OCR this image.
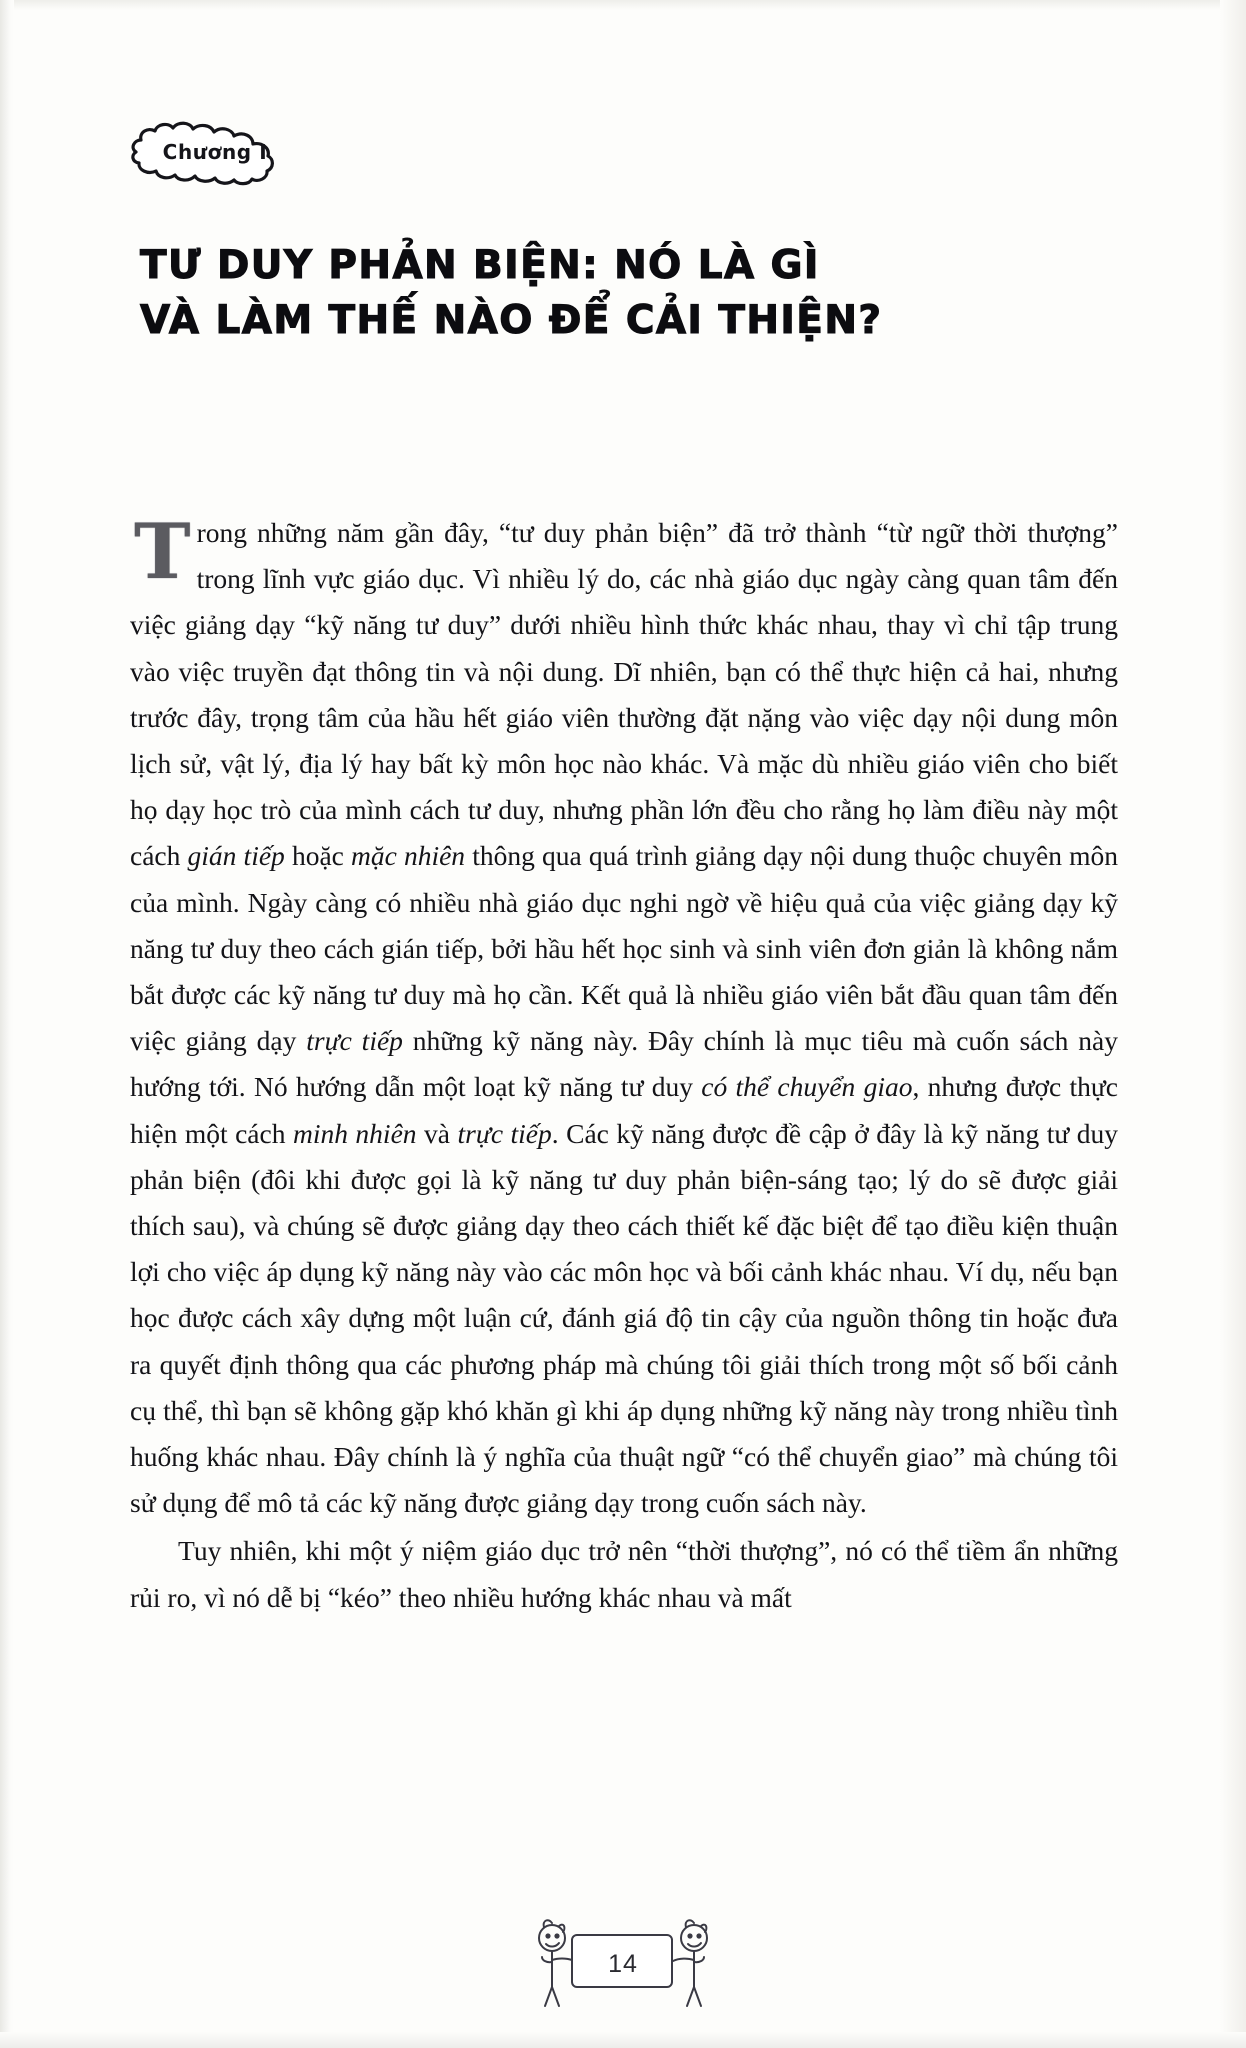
Chương I
TƯ DUY PHẢN BIỆN: NÓ LÀ GÌ
VÀ LÀM THẾ NÀO ĐỂ CẢI THIỆN?

Trong những năm gần đây, “tư duy phản biện” đã trở thành “từ ngữ thời thượng” trong lĩnh vực giáo dục. Vì nhiều lý do, các nhà giáo dục ngày càng quan tâm đến việc giảng dạy “kỹ năng tư duy” dưới nhiều hình thức khác nhau, thay vì chỉ tập trung vào việc truyền đạt thông tin và nội dung. Dĩ nhiên, bạn có thể thực hiện cả hai, nhưng trước đây, trọng tâm của hầu hết giáo viên thường đặt nặng vào việc dạy nội dung môn lịch sử, vật lý, địa lý hay bất kỳ môn học nào khác. Và mặc dù nhiều giáo viên cho biết họ dạy học trò của mình cách tư duy, nhưng phần lớn đều cho rằng họ làm điều này một cách gián tiếp hoặc mặc nhiên thông qua quá trình giảng dạy nội dung thuộc chuyên môn của mình. Ngày càng có nhiều nhà giáo dục nghi ngờ về hiệu quả của việc giảng dạy kỹ năng tư duy theo cách gián tiếp, bởi hầu hết học sinh và sinh viên đơn giản là không nắm bắt được các kỹ năng tư duy mà họ cần. Kết quả là nhiều giáo viên bắt đầu quan tâm đến việc giảng dạy trực tiếp những kỹ năng này. Đây chính là mục tiêu mà cuốn sách này hướng tới. Nó hướng dẫn một loạt kỹ năng tư duy có thể chuyển giao, nhưng được thực hiện một cách minh nhiên và trực tiếp. Các kỹ năng được đề cập ở đây là kỹ năng tư duy phản biện (đôi khi được gọi là kỹ năng tư duy phản biện-sáng tạo; lý do sẽ được giải thích sau), và chúng sẽ được giảng dạy theo cách thiết kế đặc biệt để tạo điều kiện thuận lợi cho việc áp dụng kỹ năng này vào các môn học và bối cảnh khác nhau. Ví dụ, nếu bạn học được cách xây dựng một luận cứ, đánh giá độ tin cậy của nguồn thông tin hoặc đưa ra quyết định thông qua các phương pháp mà chúng tôi giải thích trong một số bối cảnh cụ thể, thì bạn sẽ không gặp khó khăn gì khi áp dụng những kỹ năng này trong nhiều tình huống khác nhau. Đây chính là ý nghĩa của thuật ngữ “có thể chuyển giao” mà chúng tôi sử dụng để mô tả các kỹ năng được giảng dạy trong cuốn sách này.

Tuy nhiên, khi một ý niệm giáo dục trở nên “thời thượng”, nó có thể tiềm ẩn những rủi ro, vì nó dễ bị “kéo” theo nhiều hướng khác nhau và mất

14
